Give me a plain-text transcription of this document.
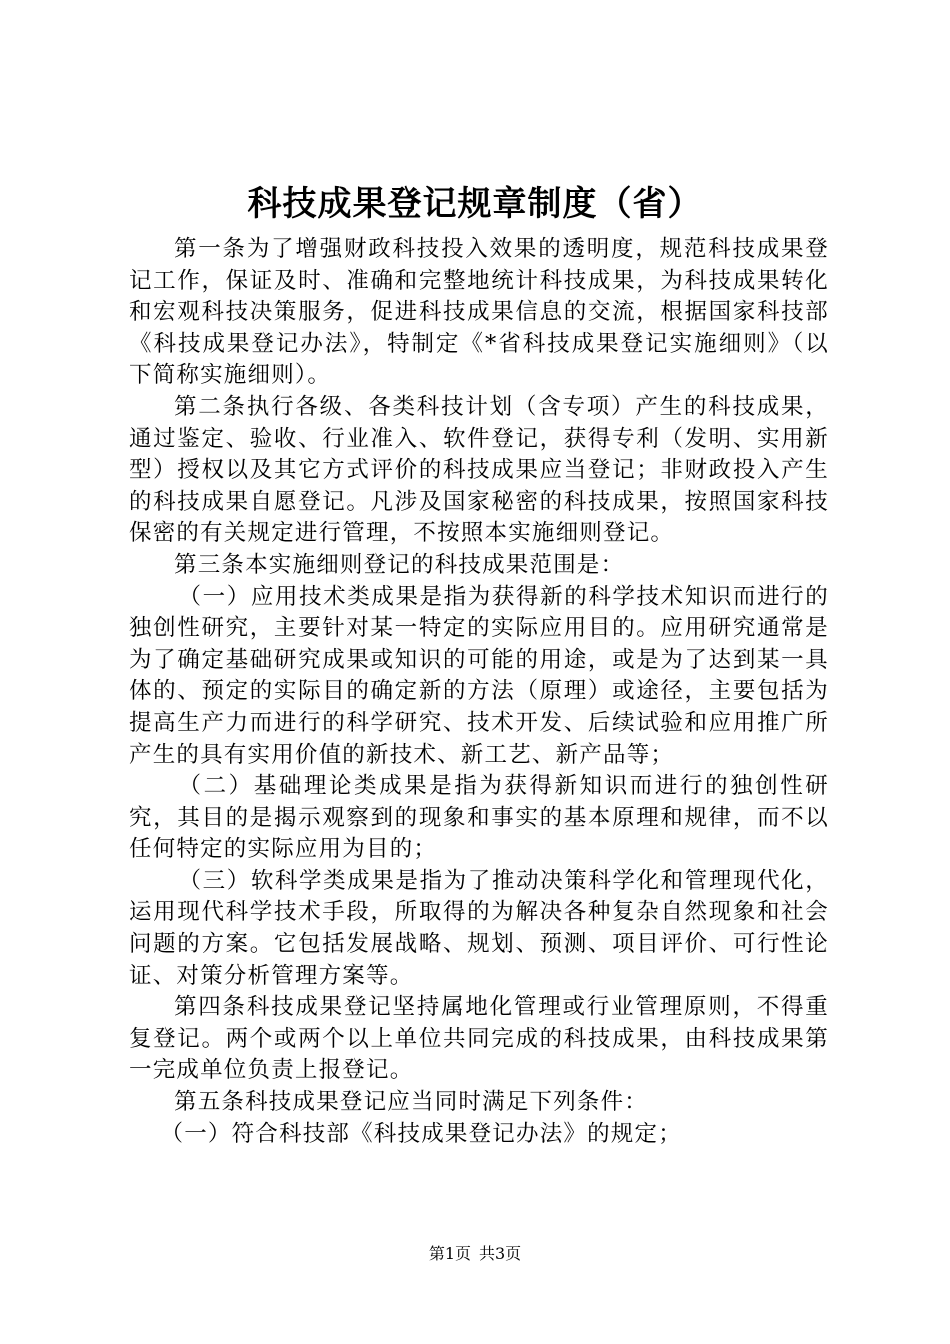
科技成果登记规章制度（省）

第一条为了增强财政科技投入效果的透明度，规范科技成果登记工作，保证及时、准确和完整地统计科技成果，为科技成果转化和宏观科技决策服务，促进科技成果信息的交流，根据国家科技部《科技成果登记办法》，特制定《*省科技成果登记实施细则》（以下简称实施细则）。

第二条执行各级、各类科技计划（含专项）产生的科技成果，通过鉴定、验收、行业准入、软件登记，获得专利（发明、实用新型）授权以及其它方式评价的科技成果应当登记；非财政投入产生的科技成果自愿登记。凡涉及国家秘密的科技成果，按照国家科技保密的有关规定进行管理，不按照本实施细则登记。

第三条本实施细则登记的科技成果范围是：

（一）应用技术类成果是指为获得新的科学技术知识而进行的独创性研究，主要针对某一特定的实际应用目的。应用研究通常是为了确定基础研究成果或知识的可能的用途，或是为了达到某一具体的、预定的实际目的确定新的方法（原理）或途径，主要包括为提高生产力而进行的科学研究、技术开发、后续试验和应用推广所产生的具有实用价值的新技术、新工艺、新产品等；

（二）基础理论类成果是指为获得新知识而进行的独创性研究，其目的是揭示观察到的现象和事实的基本原理和规律，而不以任何特定的实际应用为目的；

（三）软科学类成果是指为了推动决策科学化和管理现代化，运用现代科学技术手段，所取得的为解决各种复杂自然现象和社会问题的方案。它包括发展战略、规划、预测、项目评价、可行性论证、对策分析管理方案等。

第四条科技成果登记坚持属地化管理或行业管理原则，不得重复登记。两个或两个以上单位共同完成的科技成果，由科技成果第一完成单位负责上报登记。

第五条科技成果登记应当同时满足下列条件：

（一）符合科技部《科技成果登记办法》的规定；

第1页 共3页
